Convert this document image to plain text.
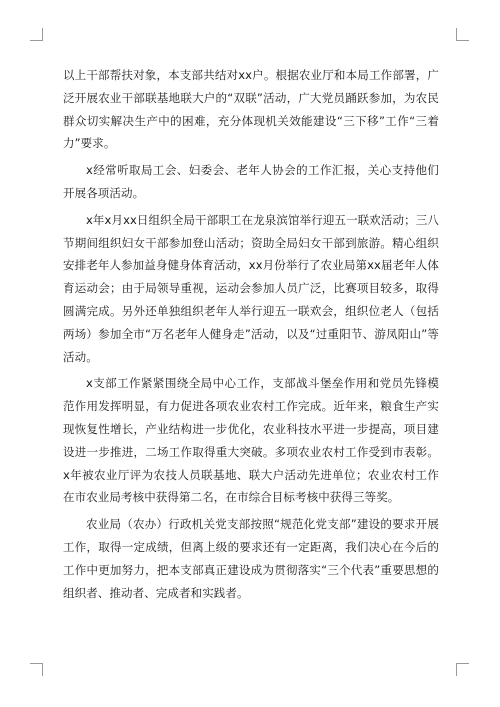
以上干部帮扶对象，本支部共结对xx户。根据农业厅和本局工作部署，广泛开展农业干部联基地联大户的“双联”活动，广大党员踊跃参加，为农民群众切实解决生产中的困难，充分体现机关效能建设“三下移”工作“三着力”要求。

x经常听取局工会、妇委会、老年人协会的工作汇报，关心支持他们开展各项活动。

x年x月xx日组织全局干部职工在龙泉滨馆举行迎五一联欢活动；三八节期间组织妇女干部参加登山活动；资助全局妇女干部到旅游。精心组织安排老年人参加益身健身体育活动，xx月份举行了农业局第xx届老年人体育运动会；由于局领导重视，运动会参加人员广泛，比赛项目较多，取得圆满完成。另外还单独组织老年人举行迎五一联欢会，组织位老人（包括两场）参加全市“万名老年人健身走”活动，以及“过重阳节、游凤阳山”等活动。

x支部工作紧紧围绕全局中心工作，支部战斗堡垒作用和党员先锋模范作用发挥明显，有力促进各项农业农村工作完成。近年来，粮食生产实现恢复性增长，产业结构进一步优化，农业科技水平进一步提高，项目建设进一步推进，二场工作取得重大突破。多项农业农村工作受到市表彰。x年被农业厅评为农技人员联基地、联大户活动先进单位；农业农村工作在市农业局考核中获得第二名，在市综合目标考核中获得三等奖。

农业局（农办）行政机关党支部按照“规范化党支部”建设的要求开展工作，取得一定成绩，但离上级的要求还有一定距离，我们决心在今后的工作中更加努力，把本支部真正建设成为贯彻落实“三个代表”重要思想的组织者、推动者、完成者和实践者。
